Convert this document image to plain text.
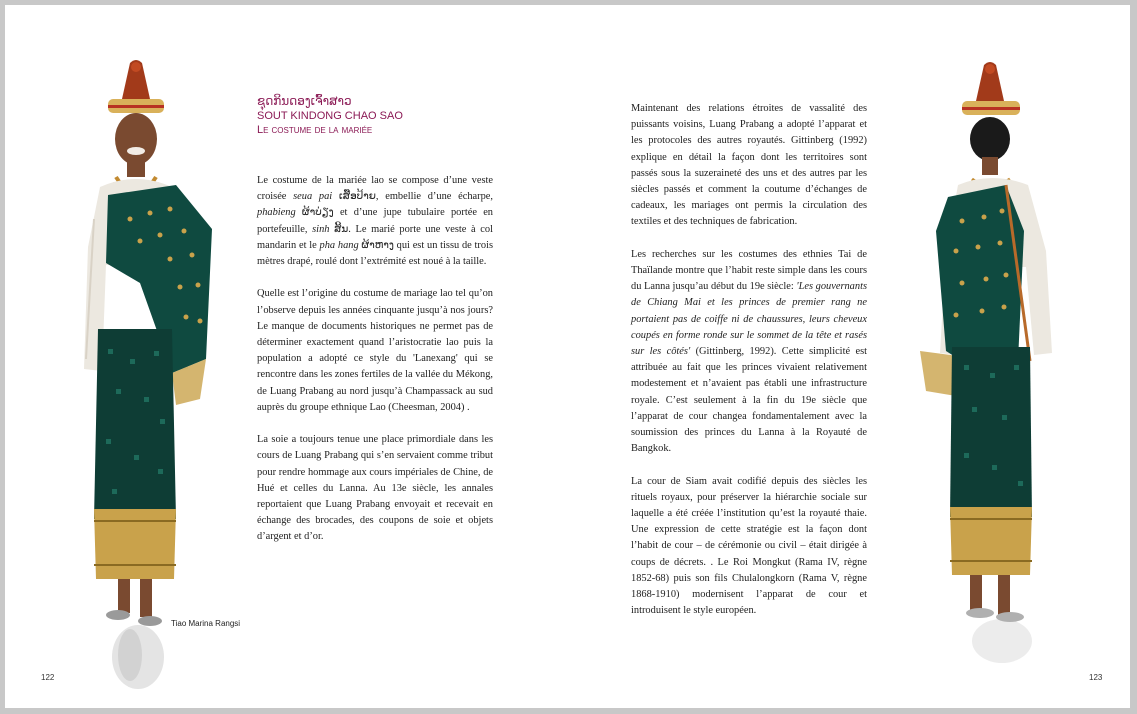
Tiao Marina Rangsi
122
ຊຸດກິນດອງເຈົ້າສາວ
SOUT KINDONG CHAO SAO
Le costume de la mariée

Le costume de la mariée lao se compose d’une veste croisée seua pai ເສື້ອປ້າຍ, embellie d’une écharpe, phabieng ຜ້າບ່ຽງ et d’une jupe tubulaire portée en portefeuille, sinh ສິ້ນ. Le marié porte une veste à col mandarin et le pha hang ຜ້າຫາງ qui est un tissu de trois mètres drapé, roulé dont l’extrémité est noué à la taille.

Quelle est l’origine du costume de mariage lao tel qu’on l’observe depuis les années cinquante jusqu’à nos jours? Le manque de documents historiques ne permet pas de déterminer exactement quand l’aristocratie lao puis la population a adopté ce style du 'Lanexang' qui se rencontre dans les zones fertiles de la vallée du Mékong, de Luang Prabang au nord jusqu’à Champassack au sud auprès du groupe ethnique Lao (Cheesman, 2004) .

La soie a toujours tenue une place primordiale dans les cours de Luang Prabang qui s’en servaient comme tribut pour rendre hommage aux cours impériales de Chine, de Hué et celles du Lanna. Au 13e siècle, les annales reportaient que Luang Prabang envoyait et recevait en échange des brocades, des coupons de soie et objets d’argent et d’or.

Maintenant des relations étroites de vassalité des puissants voisins, Luang Prabang a adopté l’apparat et les protocoles des autres royautés. Gittinberg (1992) explique en détail la façon dont les territoires sont passés sous la suzeraineté des uns et des autres par les siècles passés et comment la coutume d’échanges de cadeaux, les mariages ont permis la circulation des textiles et des techniques de fabrication.

Les recherches sur les costumes des ethnies Tai de Thaïlande montre que l’habit reste simple dans les cours du Lanna jusqu’au début du 19e siècle: 'Les gouvernants de Chiang Mai et les princes de premier rang ne portaient pas de coiffe ni de chaussures, leurs cheveux coupés en forme ronde sur le sommet de la tête et rasés sur les côtés' (Gittinberg, 1992). Cette simplicité est attribuée au fait que les princes vivaient relativement modestement et n’avaient pas établi une infrastructure royale. C’est seulement à la fin du 19e siècle que l’apparat de cour changea fondamentalement avec la soumission des princes du Lanna à la Royauté de Bangkok.

La cour de Siam avait codifié depuis des siècles les rituels royaux, pour préserver la hiérarchie sociale sur laquelle a été créée l’institution qu’est la royauté thaie. Une expression de cette stratégie est la façon dont l’habit de cour – de cérémonie ou civil – était dirigée à coups de décrets. . Le Roi Mongkut (Rama IV, règne 1852-68) puis son fils Chulalongkorn (Rama V, règne 1868-1910) modernisent l’apparat de cour et introduisent le style européen.

123
